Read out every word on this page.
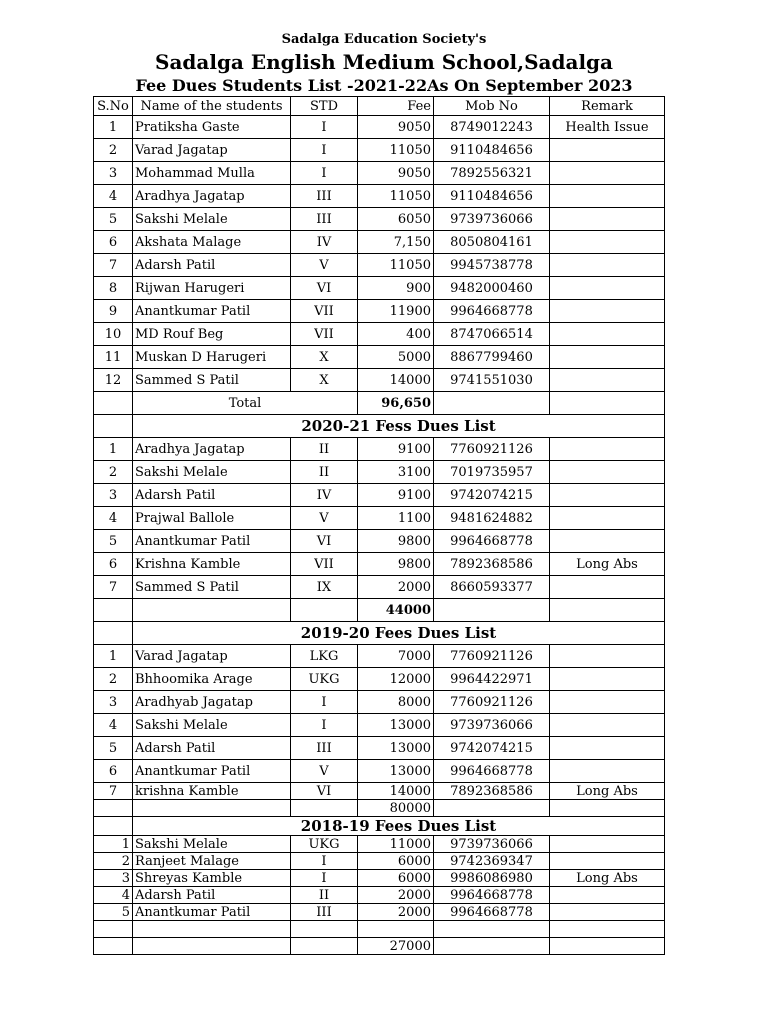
Sadalga Education Society's
Sadalga English Medium School,Sadalga
Fee Dues Students List -2021-22As On September 2023
S.No	Name of the students	STD	Fee	Mob No	Remark
1	Pratiksha Gaste	I	9050	8749012243	Health Issue
2	Varad Jagatap	I	11050	9110484656	
3	Mohammad Mulla	I	9050	7892556321	
4	Aradhya Jagatap	III	11050	9110484656	
5	Sakshi Melale	III	6050	9739736066	
6	Akshata Malage	IV	7,150	8050804161	
7	Adarsh Patil	V	11050	9945738778	
8	Rijwan Harugeri	VI	900	9482000460	
9	Anantkumar Patil	VII	11900	9964668778	
10	MD Rouf Beg	VII	400	8747066514	
11	Muskan D Harugeri	X	5000	8867799460	
12	Sammed S Patil	X	14000	9741551030	
	Total		96,650		
	2020-21 Fess Dues List				
1	Aradhya Jagatap	II	9100	7760921126	
2	Sakshi Melale	II	3100	7019735957	
3	Adarsh Patil	IV	9100	9742074215	
4	Prajwal Ballole	V	1100	9481624882	
5	Anantkumar Patil	VI	9800	9964668778	
6	Krishna Kamble	VII	9800	7892368586	Long Abs
7	Sammed S Patil	IX	2000	8660593377	
			44000		
	2019-20 Fees Dues List				
1	Varad Jagatap	LKG	7000	7760921126	
2	Bhhoomika Arage	UKG	12000	9964422971	
3	Aradhyab Jagatap	I	8000	7760921126	
4	Sakshi Melale	I	13000	9739736066	
5	Adarsh Patil	III	13000	9742074215	
6	Anantkumar Patil	V	13000	9964668778	
7	krishna Kamble	VI	14000	7892368586	Long Abs
			80000		
	2018-19 Fees Dues List				
1	Sakshi Melale	UKG	11000	9739736066	
2	Ranjeet Malage	I	6000	9742369347	
3	Shreyas Kamble	I	6000	9986086980	Long Abs
4	Adarsh Patil	II	2000	9964668778	
5	Anantkumar Patil	III	2000	9964668778	

			27000		
